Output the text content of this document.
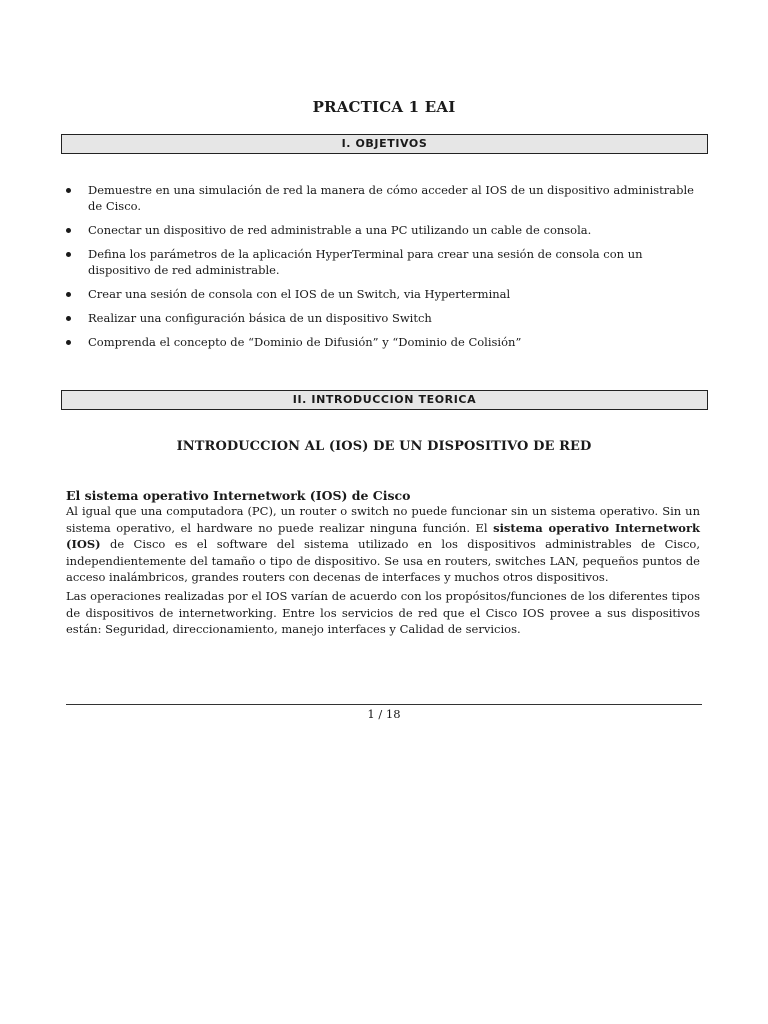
PRACTICA 1 EAI
I. OBJETIVOS
Demuestre en una simulación de red la manera de cómo acceder al IOS de un dispositivo administrable de Cisco.
Conectar un dispositivo de red administrable a una PC utilizando un cable de consola.
Defina los parámetros de la aplicación HyperTerminal para crear una sesión de consola con un dispositivo de red administrable.
Crear una sesión de consola con el IOS de un Switch, via Hyperterminal
Realizar una configuración básica de un dispositivo Switch
Comprenda el concepto de “Dominio de Difusión” y “Dominio de Colisión”
II. INTRODUCCION TEORICA
INTRODUCCION AL (IOS) DE UN DISPOSITIVO DE RED
El sistema operativo Internetwork (IOS) de Cisco

Al igual que una computadora (PC), un router o switch no puede funcionar sin un sistema operativo. Sin un sistema operativo, el hardware no puede realizar ninguna función. El sistema operativo Internetwork (IOS) de Cisco es el software del sistema utilizado en los dispositivos administrables de Cisco, independientemente del tamaño o tipo de dispositivo. Se usa en routers, switches LAN, pequeños puntos de acceso inalámbricos, grandes routers con decenas de interfaces y muchos otros dispositivos.

Las operaciones realizadas por el IOS varían de acuerdo con los propósitos/funciones de los diferentes tipos de dispositivos de internetworking. Entre los servicios de red que el Cisco IOS provee a sus dispositivos están: Seguridad, direccionamiento, manejo interfaces y Calidad de servicios.

1 / 18
